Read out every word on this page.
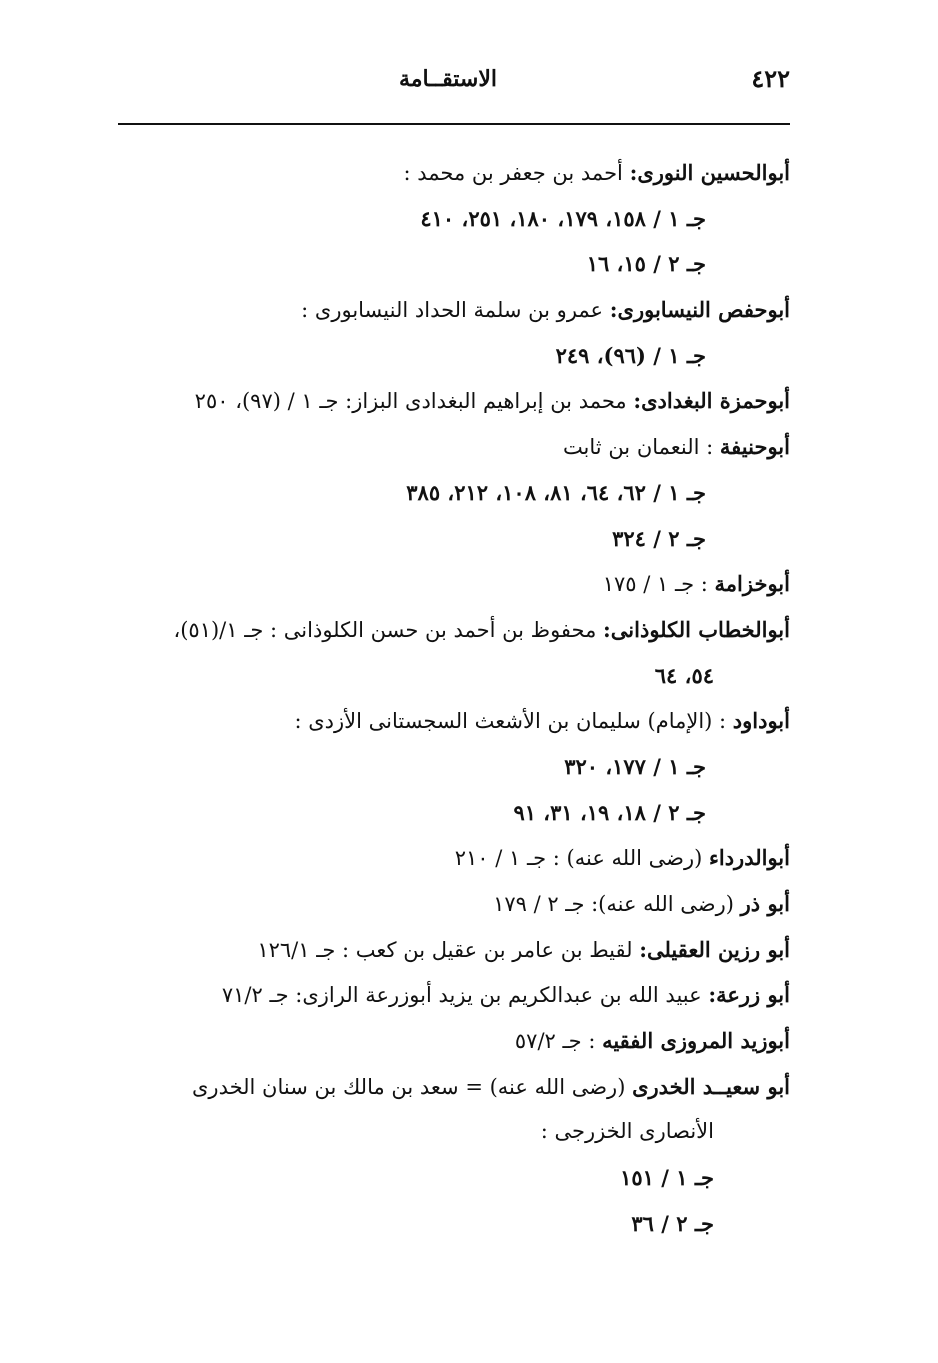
٤٢٢
الاستقــامة
أبوالحسين النورى: أحمد بن جعفر بن محمد :
جـ ١ / ١٥٨، ١٧٩، ١٨٠، ٢٥١، ٤١٠
جـ ٢ / ١٥، ١٦
أبوحفص النيسابورى: عمرو بن سلمة الحداد النيسابورى :
جـ ١ / (٩٦)، ٢٤٩
أبوحمزة البغدادى: محمد بن إبراهيم البغدادى البزاز: جـ ١ / (٩٧)، ٢٥٠
أبوحنيفة : النعمان بن ثابت
جـ ١ / ٦٢، ٦٤، ٨١، ١٠٨، ٢١٢، ٣٨٥
جـ ٢ / ٣٢٤
أبوخزامة : جـ ١ / ١٧٥
أبوالخطاب الكلوذانى: محفوظ بن أحمد بن حسن الكلوذانى : جـ ١/(٥١)،
٥٤، ٦٤
أبوداود : (الإمام) سليمان بن الأشعث السجستانى الأزدى :
جـ ١ / ١٧٧، ٣٢٠
جـ ٢ / ١٨، ١٩، ٣١، ٩١
أبوالدرداء (رضى الله عنه) : جـ ١ / ٢١٠
أبو ذر (رضى الله عنه): جـ ٢ / ١٧٩
أبو رزين العقيلى: لقيط بن عامر بن عقيل بن كعب : جـ ١٢٦/١
أبو زرعة: عبيد الله بن عبدالكريم بن يزيد أبوزرعة الرازى: جـ ٧١/٢
أبوزيد المروزى الفقيه : جـ ٥٧/٢
أبو سعيــد الخدرى (رضى الله عنه) = سعد بن مالك بن سنان الخدرى
الأنصارى الخزرجى :
جـ ١ / ١٥١
جـ ٢ / ٣٦
